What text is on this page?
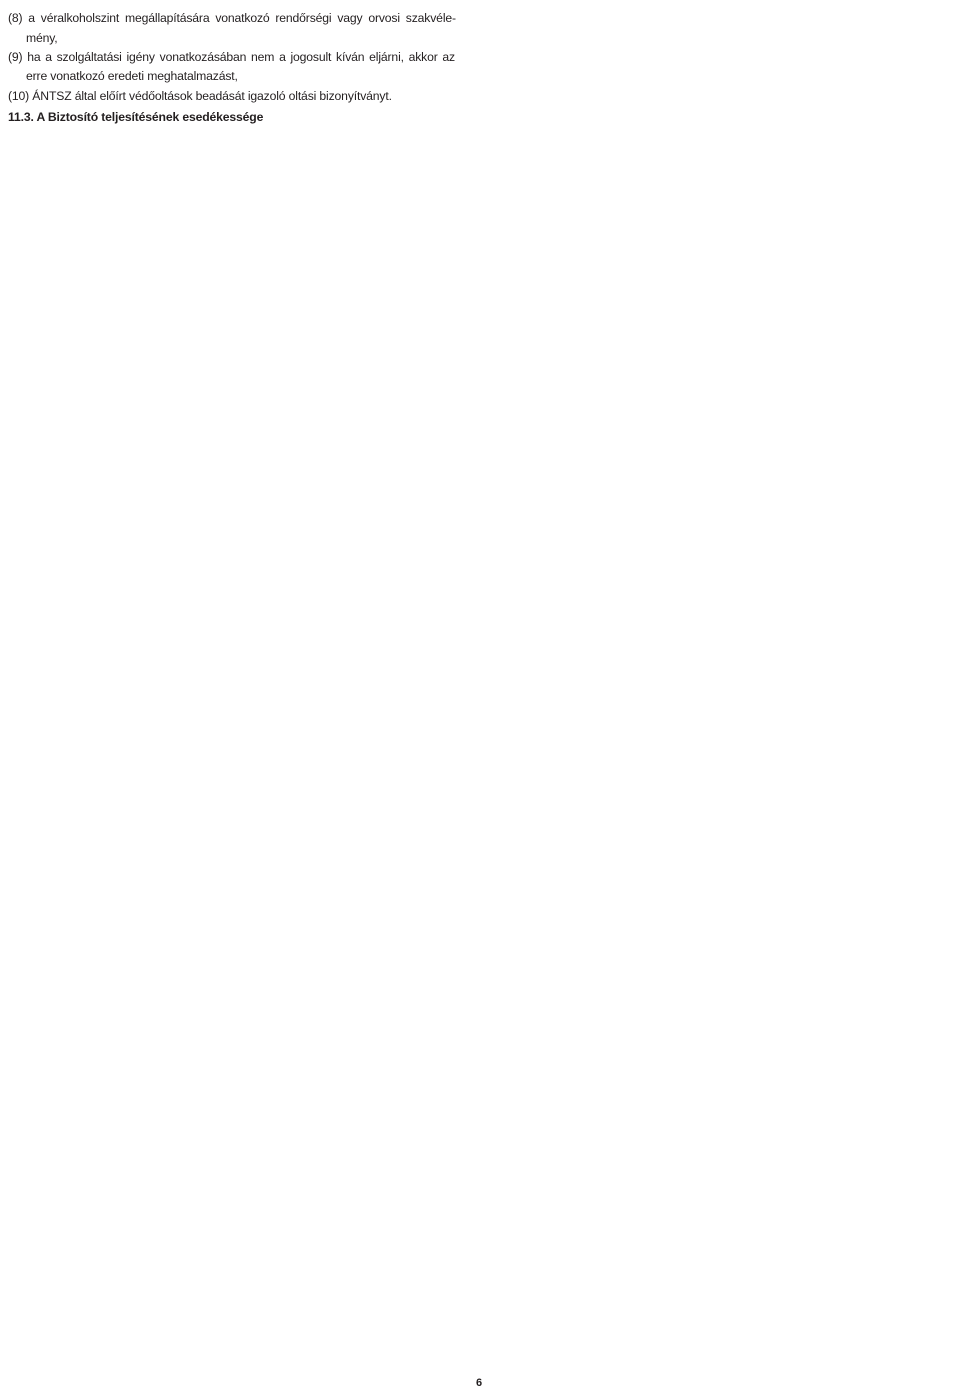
(8) a véralkoholszint megállapítására vonatkozó rendőrségi vagy orvosi szakvéle-
mény,
(9) ha a szolgáltatási igény vonatkozásában nem a jogosult kíván eljárni, akkor az
erre vonatkozó eredeti meghatalmazást,
(10) ÁNTSZ által előírt védőoltások beadását igazoló oltási bizonyítványt.
11.3. A Biztosító teljesítésének esedékessége
6
